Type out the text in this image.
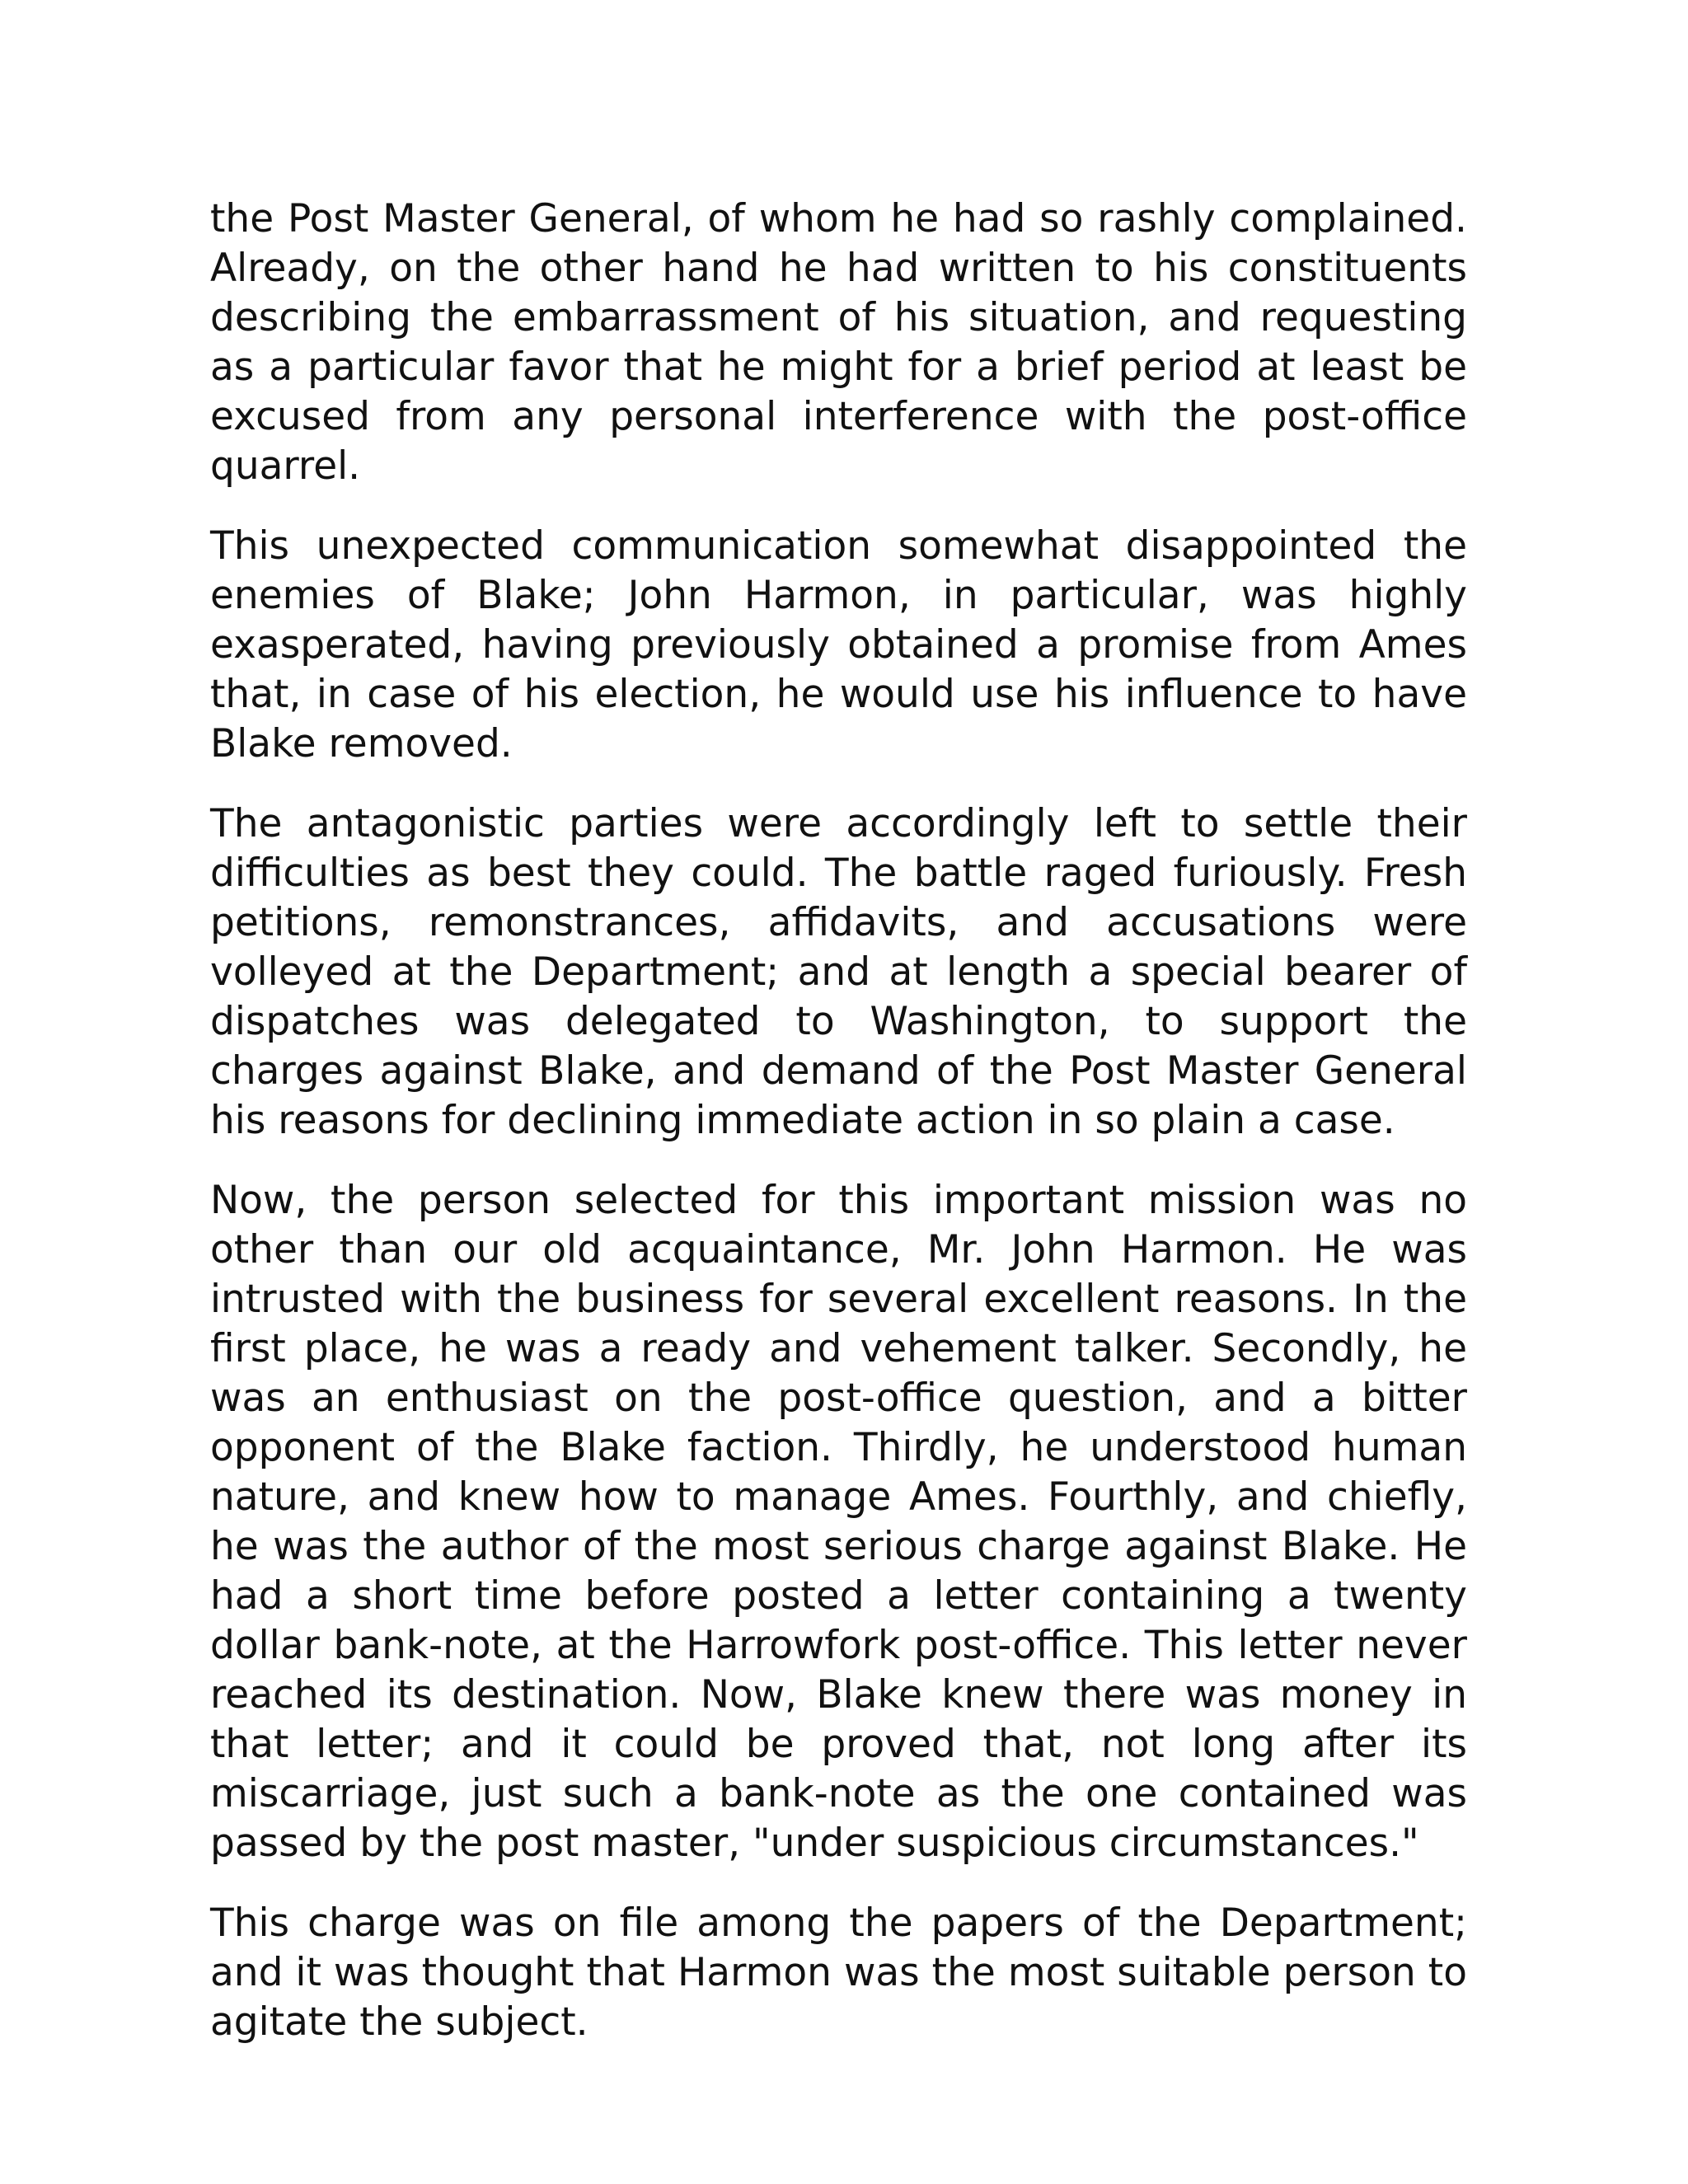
the Post Master General, of whom he had so rashly complained. Already, on the other hand he had written to his constituents describing the embarrassment of his situation, and requesting as a particular favor that he might for a brief period at least be excused from any personal interference with the post-office quarrel.

This unexpected communication somewhat disappointed the enemies of Blake; John Harmon, in particular, was highly exasperated, having previously obtained a promise from Ames that, in case of his election, he would use his influence to have Blake removed.

The antagonistic parties were accordingly left to settle their difficulties as best they could. The battle raged furiously. Fresh petitions, remonstrances, affidavits, and accusations were volleyed at the Department; and at length a special bearer of dispatches was delegated to Washington, to support the charges against Blake, and demand of the Post Master General his reasons for declining immediate action in so plain a case.

Now, the person selected for this important mission was no other than our old acquaintance, Mr. John Harmon. He was intrusted with the business for several excellent reasons. In the first place, he was a ready and vehement talker. Secondly, he was an enthusiast on the post-office question, and a bitter opponent of the Blake faction. Thirdly, he understood human nature, and knew how to manage Ames. Fourthly, and chiefly, he was the author of the most serious charge against Blake. He had a short time before posted a letter containing a twenty dollar bank-note, at the Harrowfork post-office. This letter never reached its destination. Now, Blake knew there was money in that letter; and it could be proved that, not long after its miscarriage, just such a bank-note as the one contained was passed by the post master, "under suspicious circumstances."

This charge was on file among the papers of the Department; and it was thought that Harmon was the most suitable person to agitate the subject.
